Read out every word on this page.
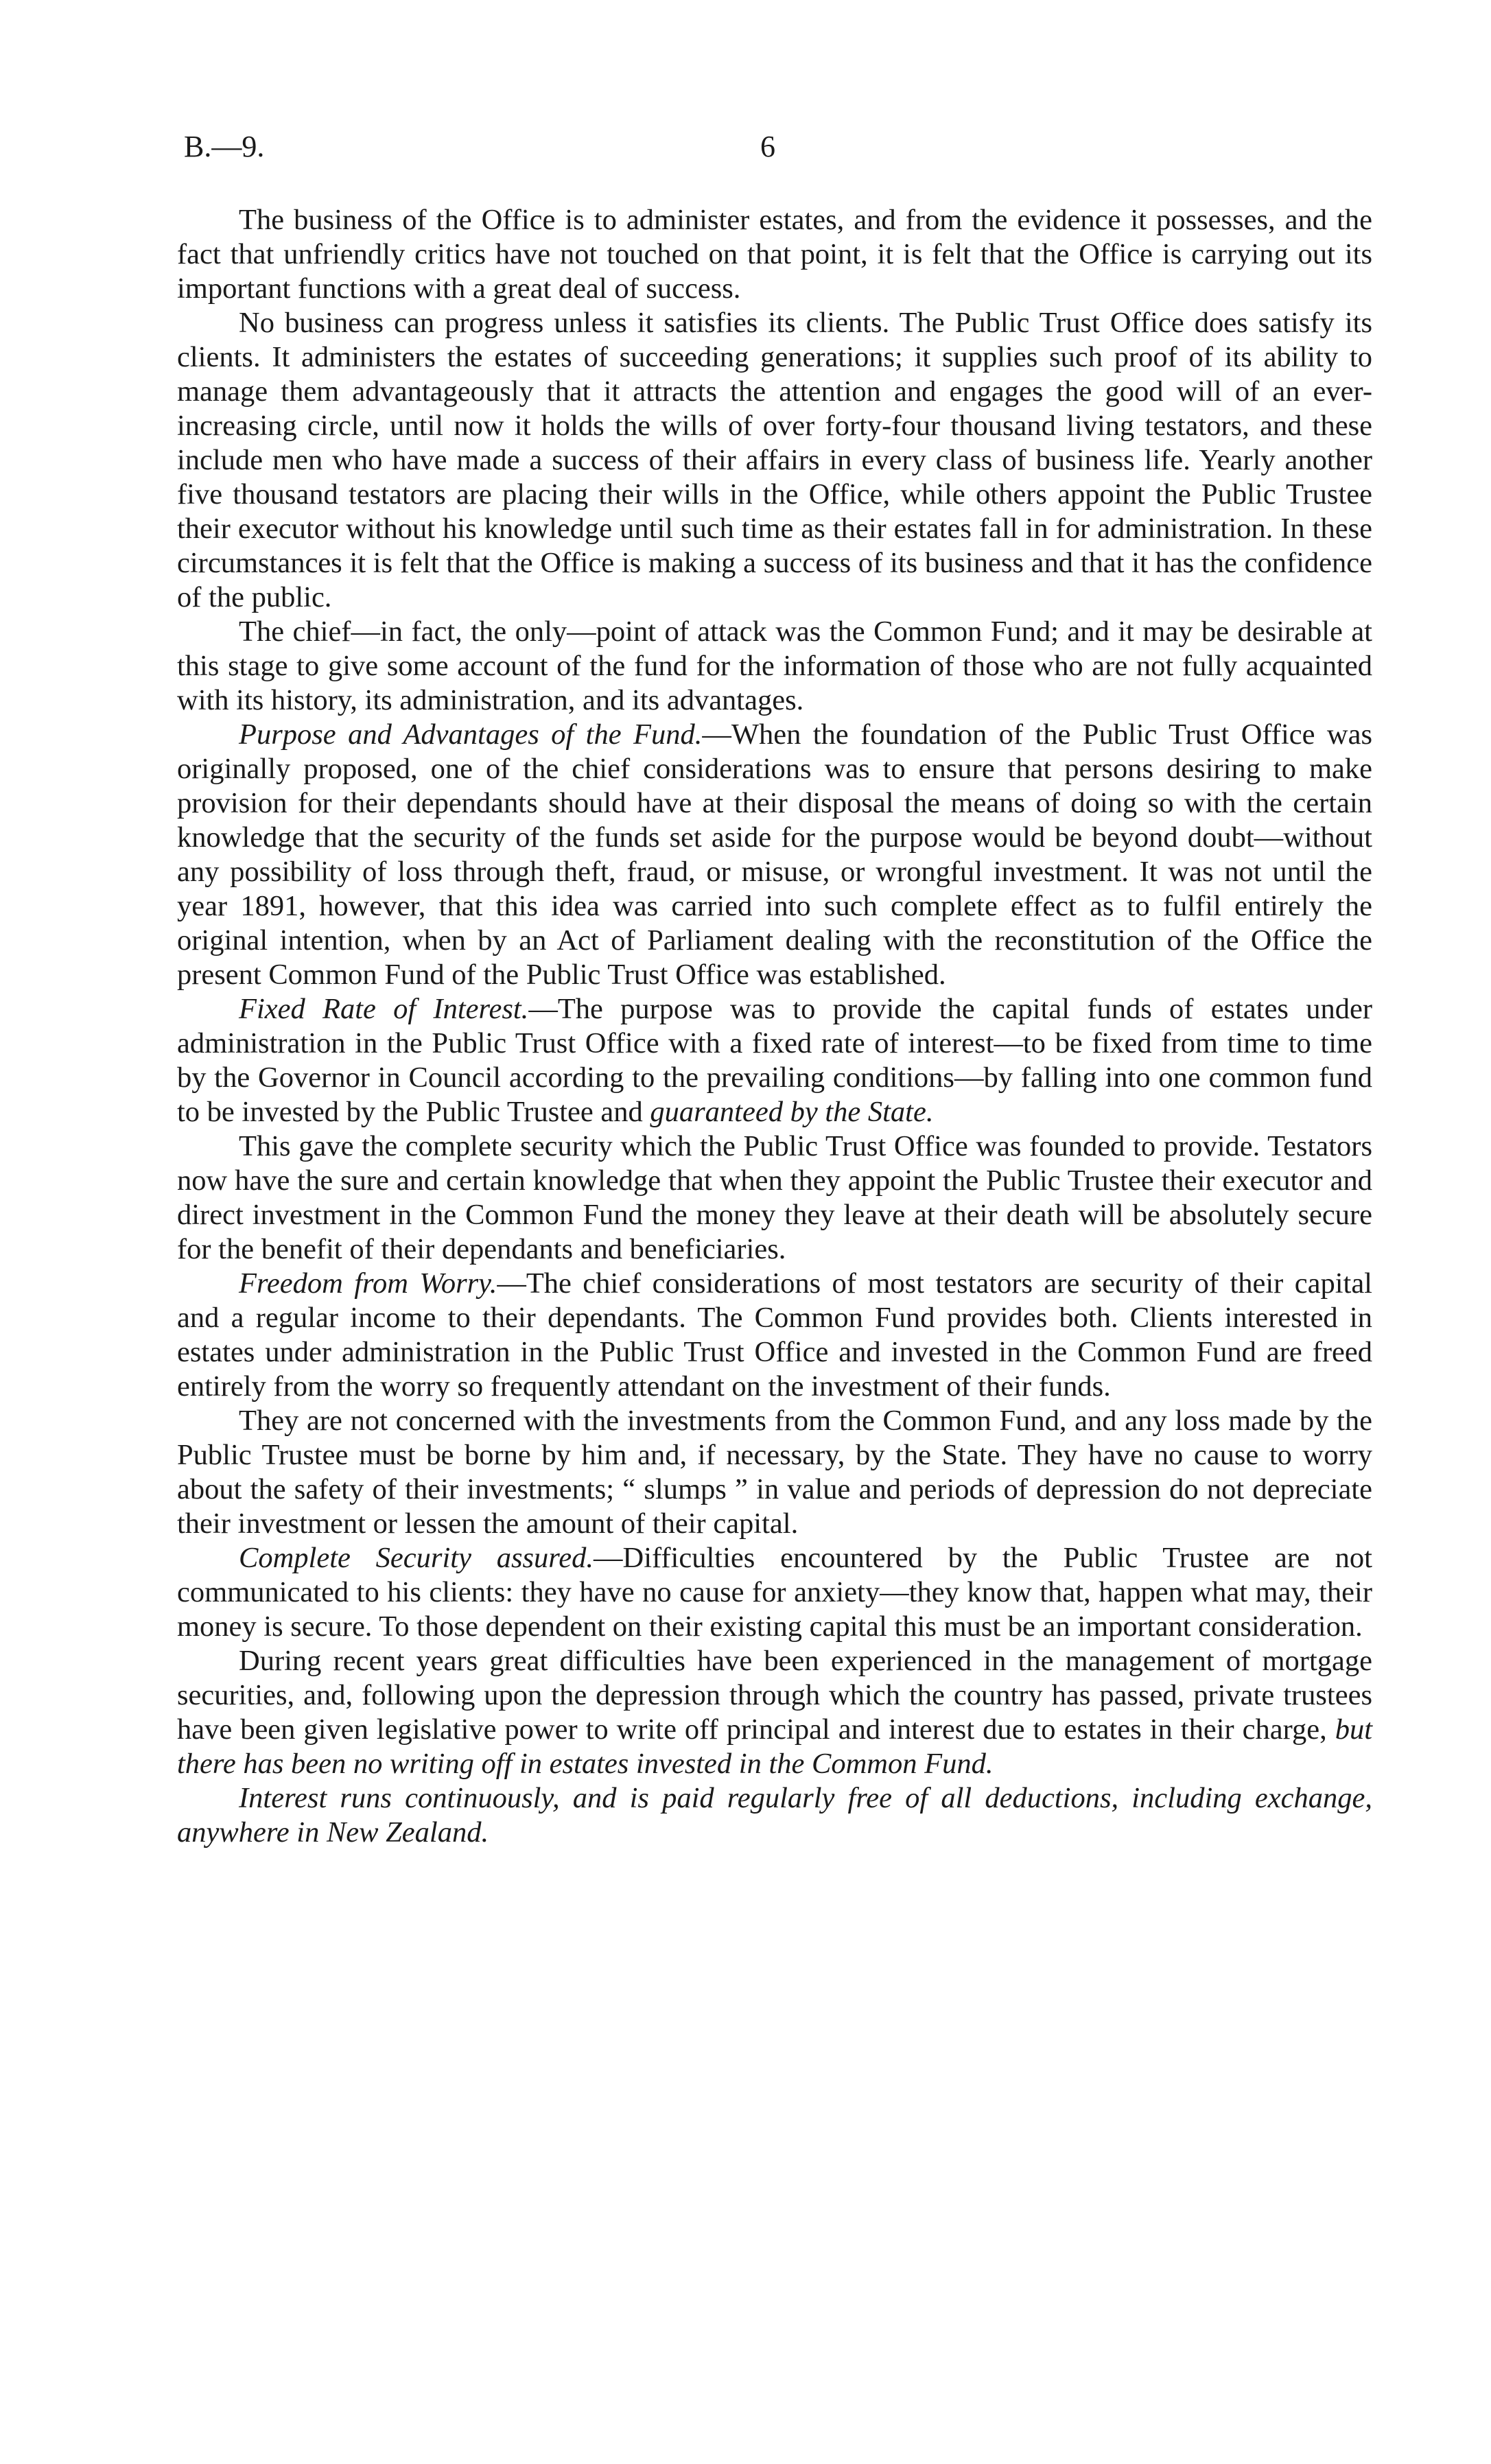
B.—9.	6

The business of the Office is to administer estates, and from the evidence it possesses, and the fact that unfriendly critics have not touched on that point, it is felt that the Office is carrying out its important functions with a great deal of success.

No business can progress unless it satisfies its clients. The Public Trust Office does satisfy its clients. It administers the estates of succeeding generations; it supplies such proof of its ability to manage them advantageously that it attracts the attention and engages the good will of an ever-increasing circle, until now it holds the wills of over forty-four thousand living testators, and these include men who have made a success of their affairs in every class of business life. Yearly another five thousand testators are placing their wills in the Office, while others appoint the Public Trustee their executor without his knowledge until such time as their estates fall in for administration. In these circumstances it is felt that the Office is making a success of its business and that it has the confidence of the public.

The chief—in fact, the only—point of attack was the Common Fund; and it may be desirable at this stage to give some account of the fund for the information of those who are not fully acquainted with its history, its administration, and its advantages.

Purpose and Advantages of the Fund.—When the foundation of the Public Trust Office was originally proposed, one of the chief considerations was to ensure that persons desiring to make provision for their dependants should have at their disposal the means of doing so with the certain knowledge that the security of the funds set aside for the purpose would be beyond doubt—without any possibility of loss through theft, fraud, or misuse, or wrongful investment. It was not until the year 1891, however, that this idea was carried into such complete effect as to fulfil entirely the original intention, when by an Act of Parliament dealing with the reconstitution of the Office the present Common Fund of the Public Trust Office was established.

Fixed Rate of Interest.—The purpose was to provide the capital funds of estates under administration in the Public Trust Office with a fixed rate of interest—to be fixed from time to time by the Governor in Council according to the prevailing conditions—by falling into one common fund to be invested by the Public Trustee and guaranteed by the State.

This gave the complete security which the Public Trust Office was founded to provide. Testators now have the sure and certain knowledge that when they appoint the Public Trustee their executor and direct investment in the Common Fund the money they leave at their death will be absolutely secure for the benefit of their dependants and beneficiaries.

Freedom from Worry.—The chief considerations of most testators are security of their capital and a regular income to their dependants. The Common Fund provides both. Clients interested in estates under administration in the Public Trust Office and invested in the Common Fund are freed entirely from the worry so frequently attendant on the investment of their funds.

They are not concerned with the investments from the Common Fund, and any loss made by the Public Trustee must be borne by him and, if necessary, by the State. They have no cause to worry about the safety of their investments; “ slumps ” in value and periods of depression do not depreciate their investment or lessen the amount of their capital.

Complete Security assured.—Difficulties encountered by the Public Trustee are not communicated to his clients: they have no cause for anxiety—they know that, happen what may, their money is secure. To those dependent on their existing capital this must be an important consideration.

During recent years great difficulties have been experienced in the management of mortgage securities, and, following upon the depression through which the country has passed, private trustees have been given legislative power to write off principal and interest due to estates in their charge, but there has been no writing off in estates invested in the Common Fund.

Interest runs continuously, and is paid regularly free of all deductions, including exchange, anywhere in New Zealand.
